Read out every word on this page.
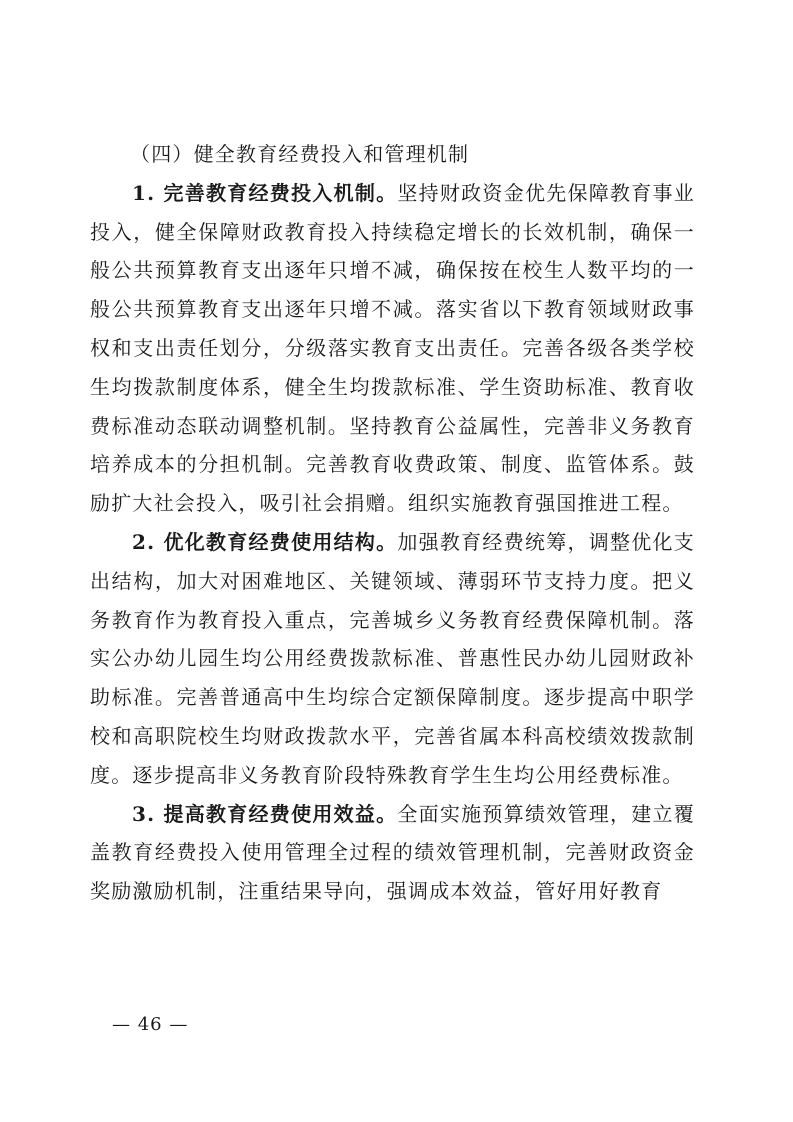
（四）健全教育经费投入和管理机制

1. 完善教育经费投入机制。坚持财政资金优先保障教育事业投入，健全保障财政教育投入持续稳定增长的长效机制，确保一般公共预算教育支出逐年只增不减，确保按在校生人数平均的一般公共预算教育支出逐年只增不减。落实省以下教育领域财政事权和支出责任划分，分级落实教育支出责任。完善各级各类学校生均拨款制度体系，健全生均拨款标准、学生资助标准、教育收费标准动态联动调整机制。坚持教育公益属性，完善非义务教育培养成本的分担机制。完善教育收费政策、制度、监管体系。鼓励扩大社会投入，吸引社会捐赠。组织实施教育强国推进工程。

2. 优化教育经费使用结构。加强教育经费统筹，调整优化支出结构，加大对困难地区、关键领域、薄弱环节支持力度。把义务教育作为教育投入重点，完善城乡义务教育经费保障机制。落实公办幼儿园生均公用经费拨款标准、普惠性民办幼儿园财政补助标准。完善普通高中生均综合定额保障制度。逐步提高中职学校和高职院校生均财政拨款水平，完善省属本科高校绩效拨款制度。逐步提高非义务教育阶段特殊教育学生生均公用经费标准。

3. 提高教育经费使用效益。全面实施预算绩效管理，建立覆盖教育经费投入使用管理全过程的绩效管理机制，完善财政资金奖励激励机制，注重结果导向，强调成本效益，管好用好教育

— 46 —
